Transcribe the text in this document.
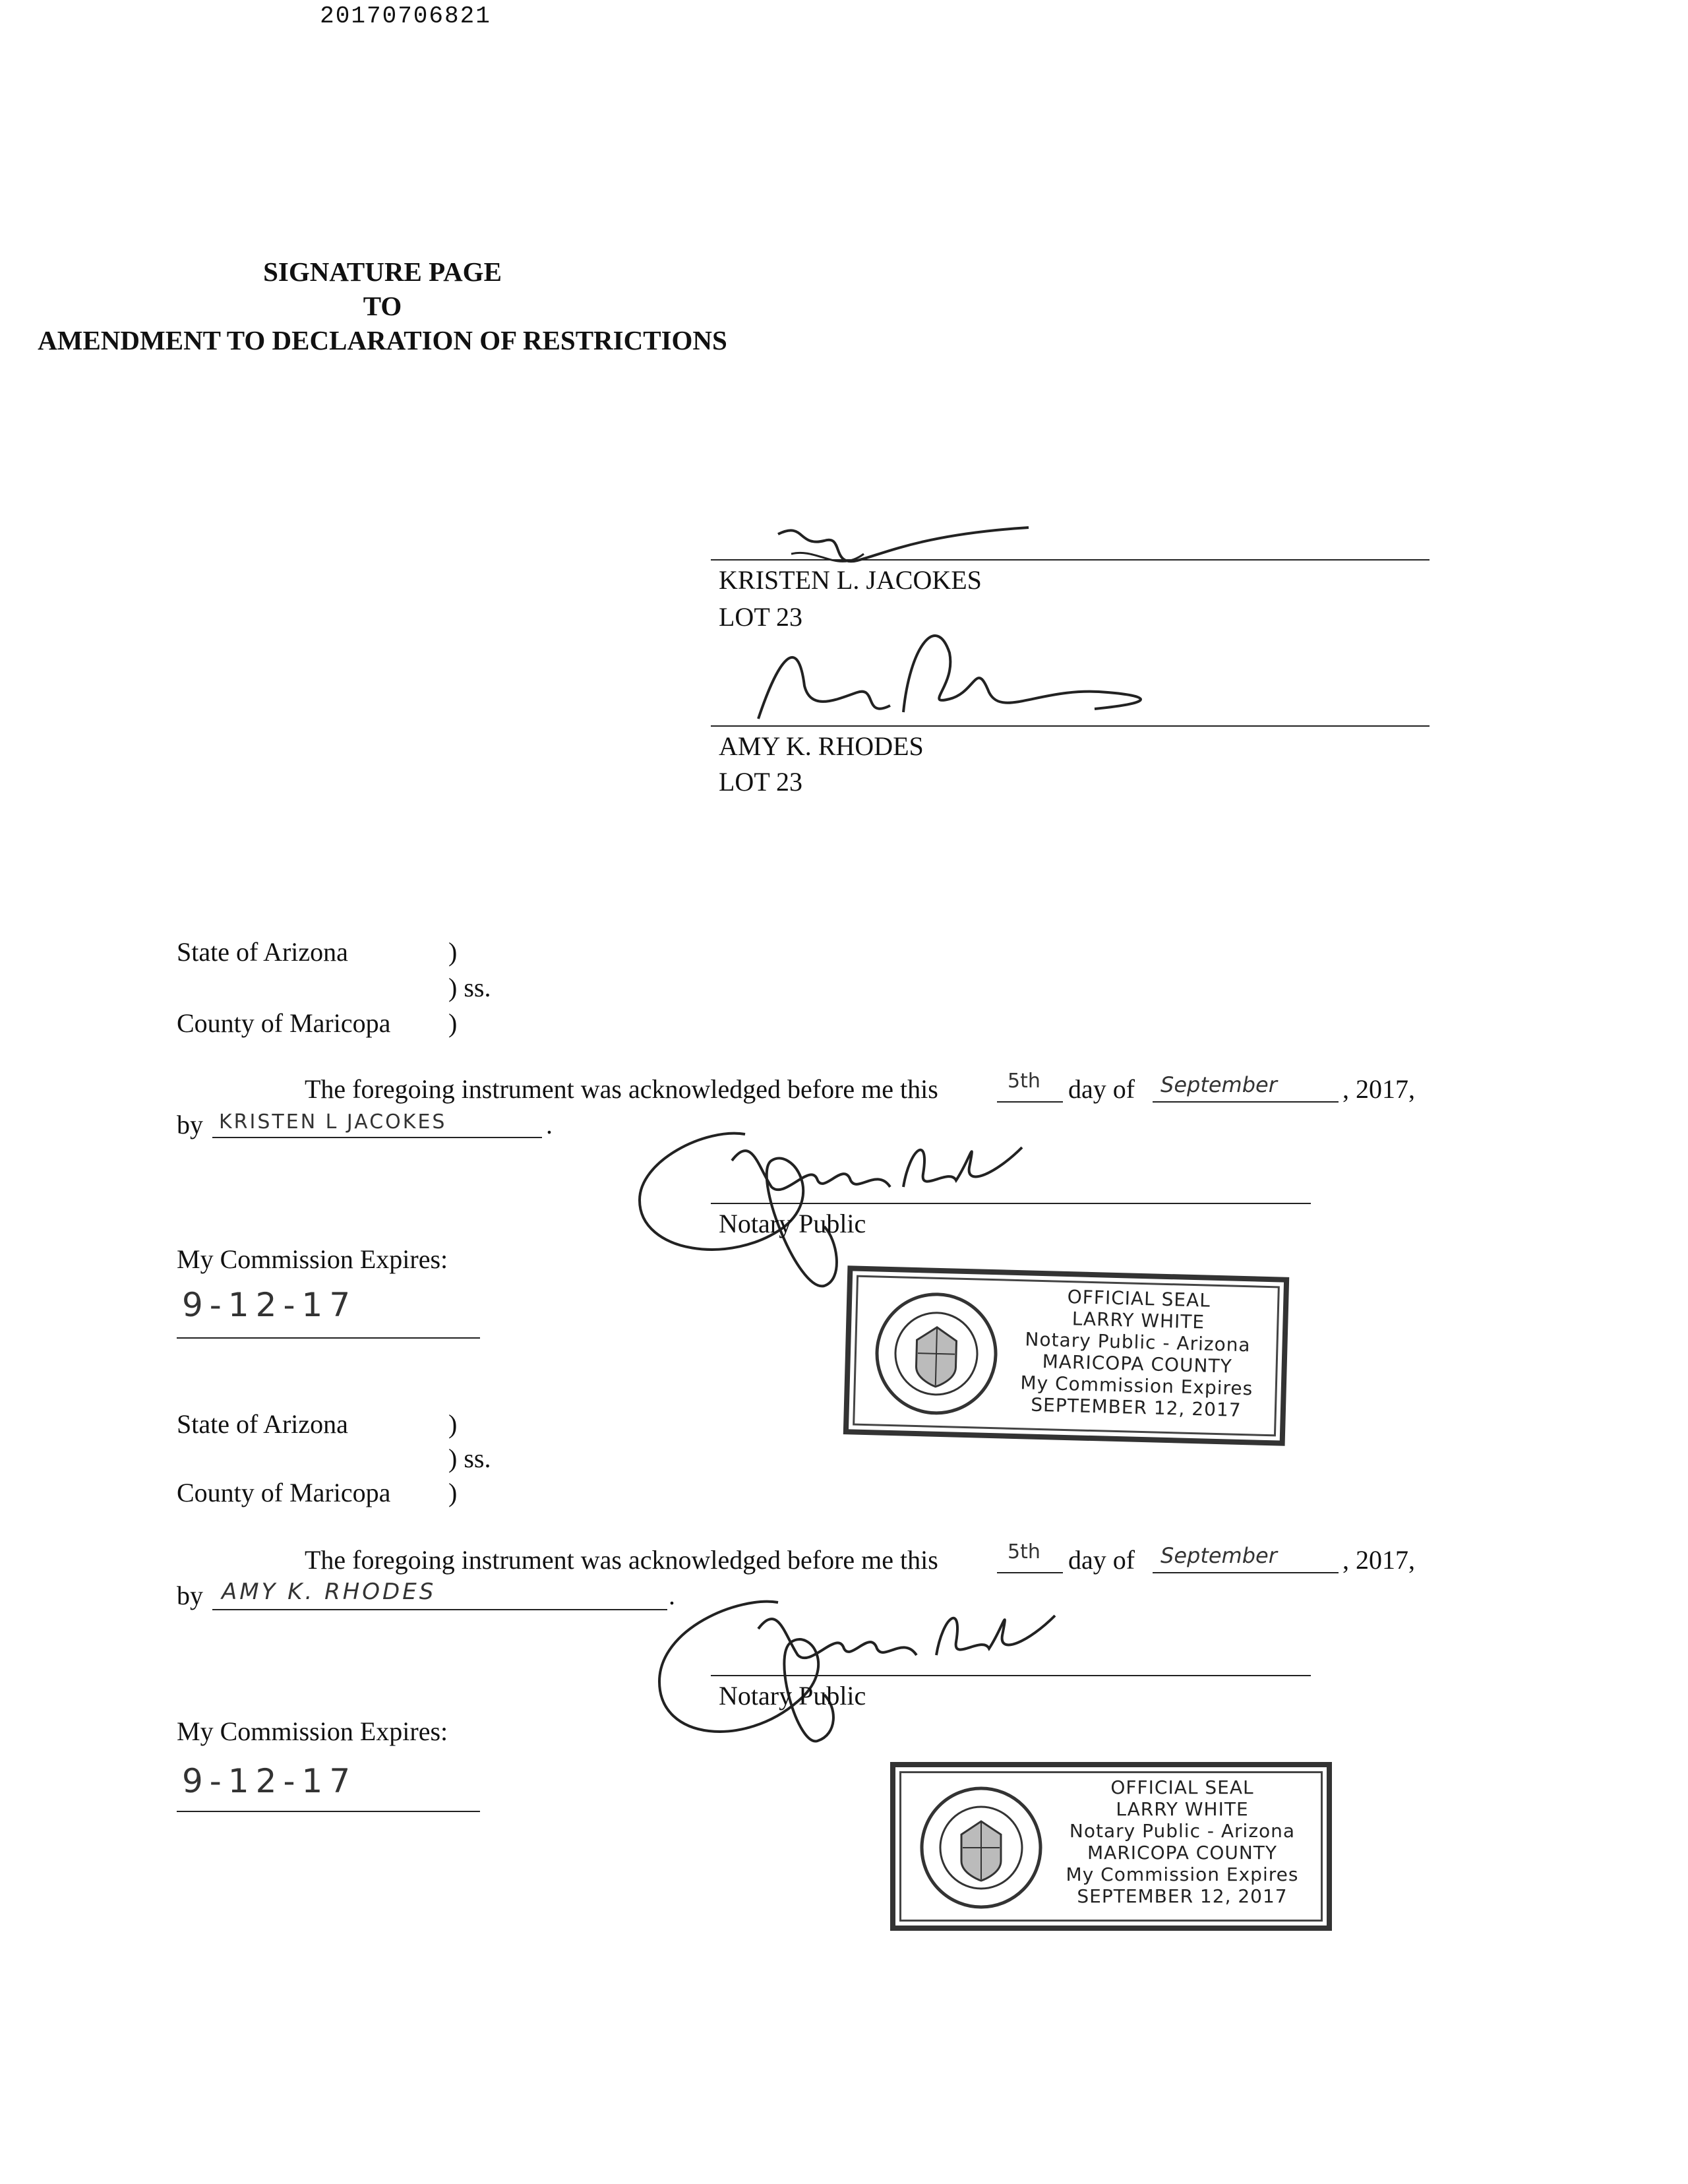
20170706821
SIGNATURE PAGE
TO
AMENDMENT TO DECLARATION OF RESTRICTIONS
KRISTEN L. JACOKES
LOT 23
AMY K. RHODES
LOT 23
State of Arizona	)
) ss.
County of Maricopa )
The foregoing instrument was acknowledged before me this	5th day of September , 2017,
by KRISTEN L JACOKES	.
Notary Public
My Commission Expires:
9-12-17	OFFICIAL SEAL
LARRY WHITE
Notary Public - Arizona
MARICOPA COUNTY
My Commission Expires
SEPTEMBER 12, 2017
State of Arizona	)
) ss.
County of Maricopa )
The foregoing instrument was acknowledged before me this	5th day of September , 2017,
by AMY K. RHODES	.
Notary Public
My Commission Expires:
9-12-17	OFFICIAL SEAL
LARRY WHITE
Notary Public - Arizona
MARICOPA COUNTY
My Commission Expires
SEPTEMBER 12, 2017
